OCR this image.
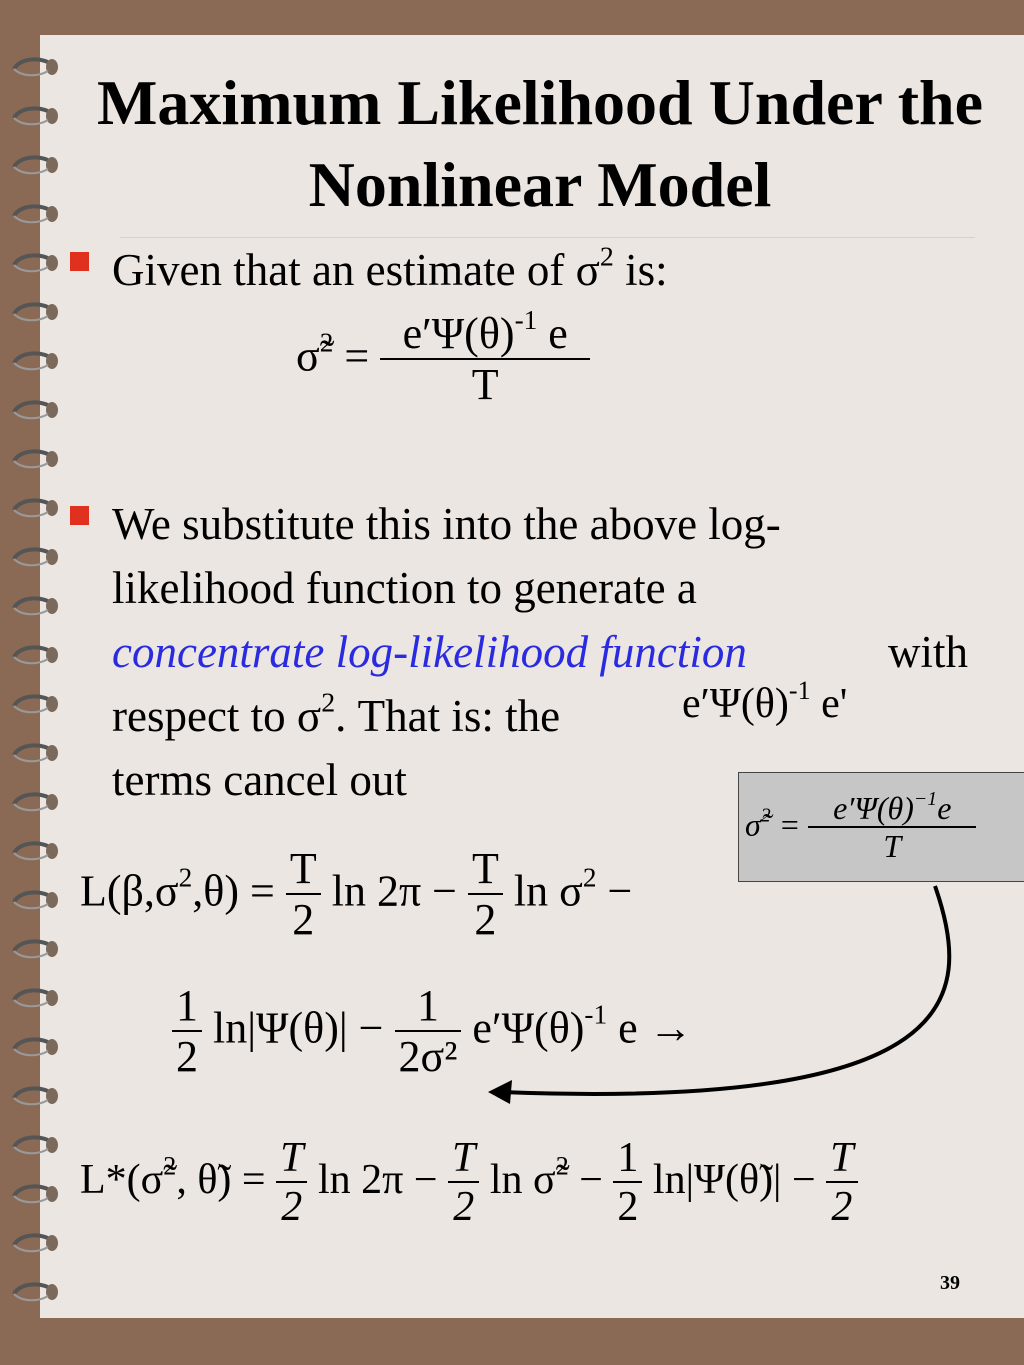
Maximum Likelihood Under the Nonlinear Model
Given that an estimate of $\sigma^2$ is:
σ̃$^2$ = $\frac{e'\Psi(\theta)^{-1} e}{T}$
We substitute this into the above log-
likelihood function to generate a
concentrate log-likelihood function	with
respect to $\sigma^2$. That is: the	$e'\Psi(\theta)^{-1}$ e'
terms cancel out
σ̃$^2$ = $\frac{e'\Psi(\theta)^{-1}e}{T}$
$L(\beta,\sigma^2,\theta) = \frac{T}{2}$ $\ln 2\pi - \frac{T}{2}$ $\ln \sigma^2$ −
$\frac{1}{2} \ln|\Psi(\theta)| - \frac{1}{\text{2σ²}} e'\Psi(\theta)^{-1}$ e →
L*(σ̃$^2$, θ̃) = $\frac{T}{2}$ $\ln 2\pi - \frac{T}{2}$ ln σ̃$^2$ − $\frac{1}{2}$ ln|Ψ(θ̃)| − $\frac{T}{2}$
39
